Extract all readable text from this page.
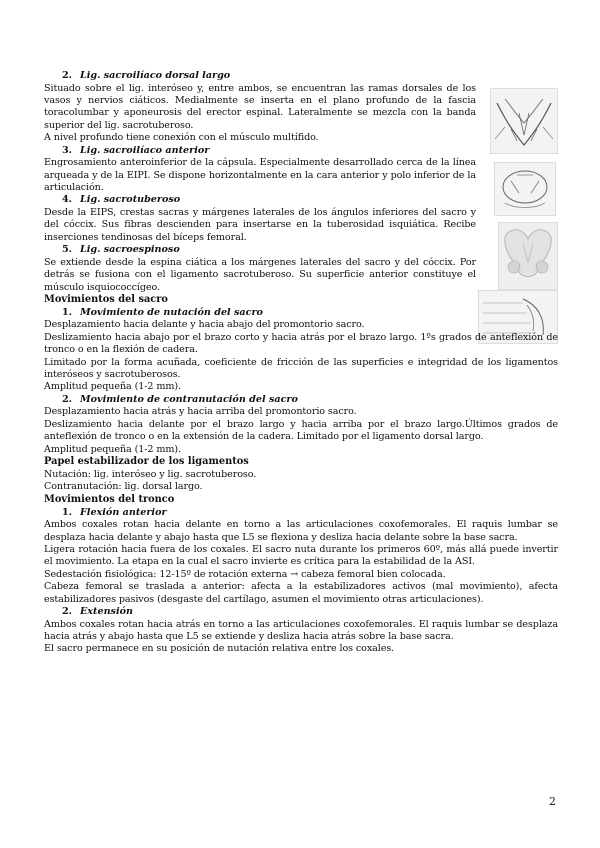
2. Lig. sacroilíaco dorsal largo

Situado sobre el lig. interóseo y, entre ambos, se encuentran las ramas dorsales de los vasos y nervios ciáticos. Medialmente se inserta en el plano profundo de la fascia toracolumbar y aponeurosis del erector espinal. Lateralmente se mezcla con la banda superior del lig. sacrotuberoso.

A nivel profundo tiene conexión con el músculo multífido.

3. Lig. sacroilíaco anterior

Engrosamiento anteroinferior de la cápsula. Especialmente desarrollado cerca de la línea arqueada y de la EIPI. Se dispone horizontalmente en la cara anterior y polo inferior de la articulación.

4. Lig. sacrotuberoso

Desde la EIPS, crestas sacras y márgenes laterales de los ángulos inferiores del sacro y del cóccix. Sus fibras descienden para insertarse en la tuberosidad isquiática. Recibe inserciones tendinosas del bíceps femoral.

5. Lig. sacroespinoso

Se extiende desde la espina ciática a los márgenes laterales del sacro y del cóccix. Por detrás se fusiona con el ligamento sacrotuberoso. Su superficie anterior constituye el músculo isquiococcígeo.

Movimientos del sacro

1. Movimiento de nutación del sacro

Desplazamiento hacia delante y hacia abajo del promontorio sacro.

Deslizamiento hacia abajo por el brazo corto y hacia atrás por el brazo largo. 1ºs grados de anteflexión de tronco o en la flexión de cadera.

Limitado por la forma acuñada, coeficiente de fricción de las superficies e integridad de los ligamentos interóseos y sacrotuberosos.

Amplitud pequeña (1-2 mm).

2. Movimiento de contranutación del sacro

Desplazamiento hacia atrás y hacia arriba del promontorio sacro.

Deslizamiento hacia delante por el brazo largo y hacia arriba por el brazo largo.Últimos grados de anteflexión de tronco o en la extensión de la cadera. Limitado por el ligamento dorsal largo.

Amplitud pequeña (1-2 mm).

Papel estabilizador de los ligamentos

Nutación: lig. interóseo y lig. sacrotuberoso.

Contranutación: lig. dorsal largo.

Movimientos del tronco

1. Flexión anterior

Ambos coxales rotan hacia delante en torno a las articulaciones coxofemorales. El raquis lumbar se desplaza hacia delante y abajo hasta que L5 se flexiona y desliza hacia delante sobre la base sacra.

Ligera rotación hacia fuera de los coxales. El sacro nuta durante los primeros 60º, más allá puede invertir el movimiento. La etapa en la cual el sacro invierte es crítica para la estabilidad de la ASI.

Sedestación fisiológica: 12-15º de rotación externa → cabeza femoral bien colocada.

Cabeza femoral se traslada a anterior: afecta a la estabilizadores activos (mal movimiento), afecta estabilizadores pasivos (desgaste del cartílago, asumen el movimiento otras articulaciones).

2. Extensión

Ambos coxales rotan hacia atrás en torno a las articulaciones coxofemorales. El raquis lumbar se desplaza hacia atrás y abajo hasta que L5 se extiende y desliza hacia atrás sobre la base sacra.

El sacro permanece en su posición de nutación relativa entre los coxales.

2
